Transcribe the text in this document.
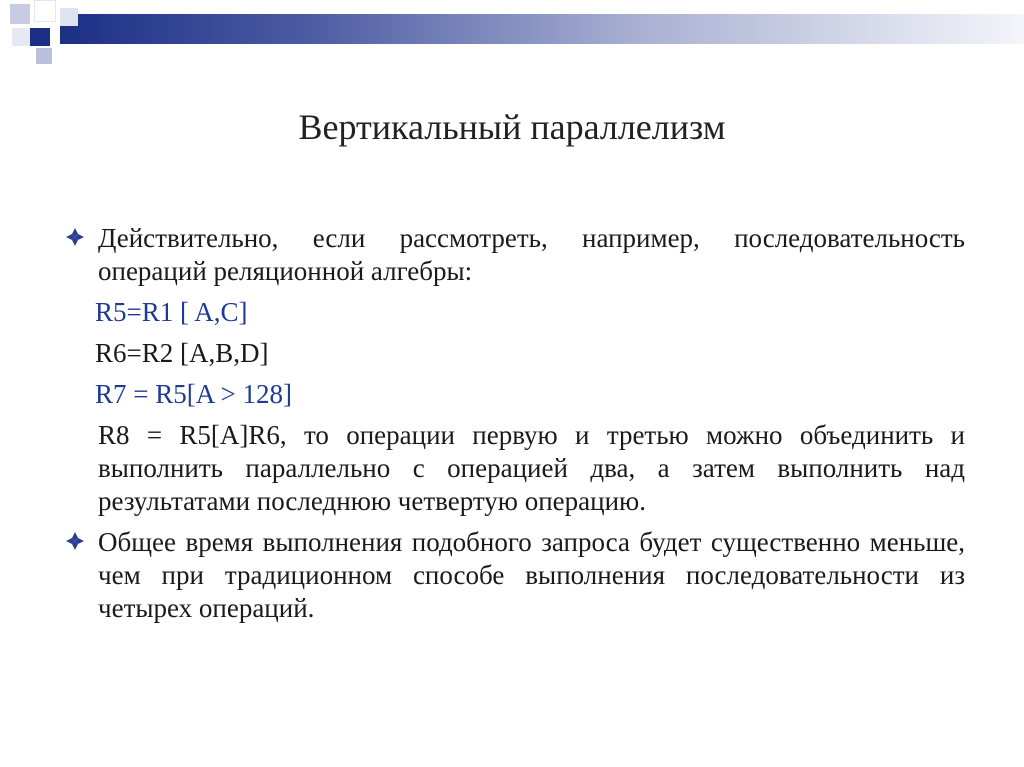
Вертикальный параллелизм
Действительно, если рассмотреть, например, последовательность операций реляционной алгебры:
R5=R1 [ A,C]
R6=R2 [A,B,D]
R7 = R5[A > 128]
R8 = R5[A]R6, то операции первую и третью можно объединить и выполнить параллельно с операцией два, а затем выполнить над результатами последнюю четвертую операцию.
Общее время выполнения подобного запроса будет существенно меньше, чем при традиционном способе выполнения последовательности из четырех операций.
